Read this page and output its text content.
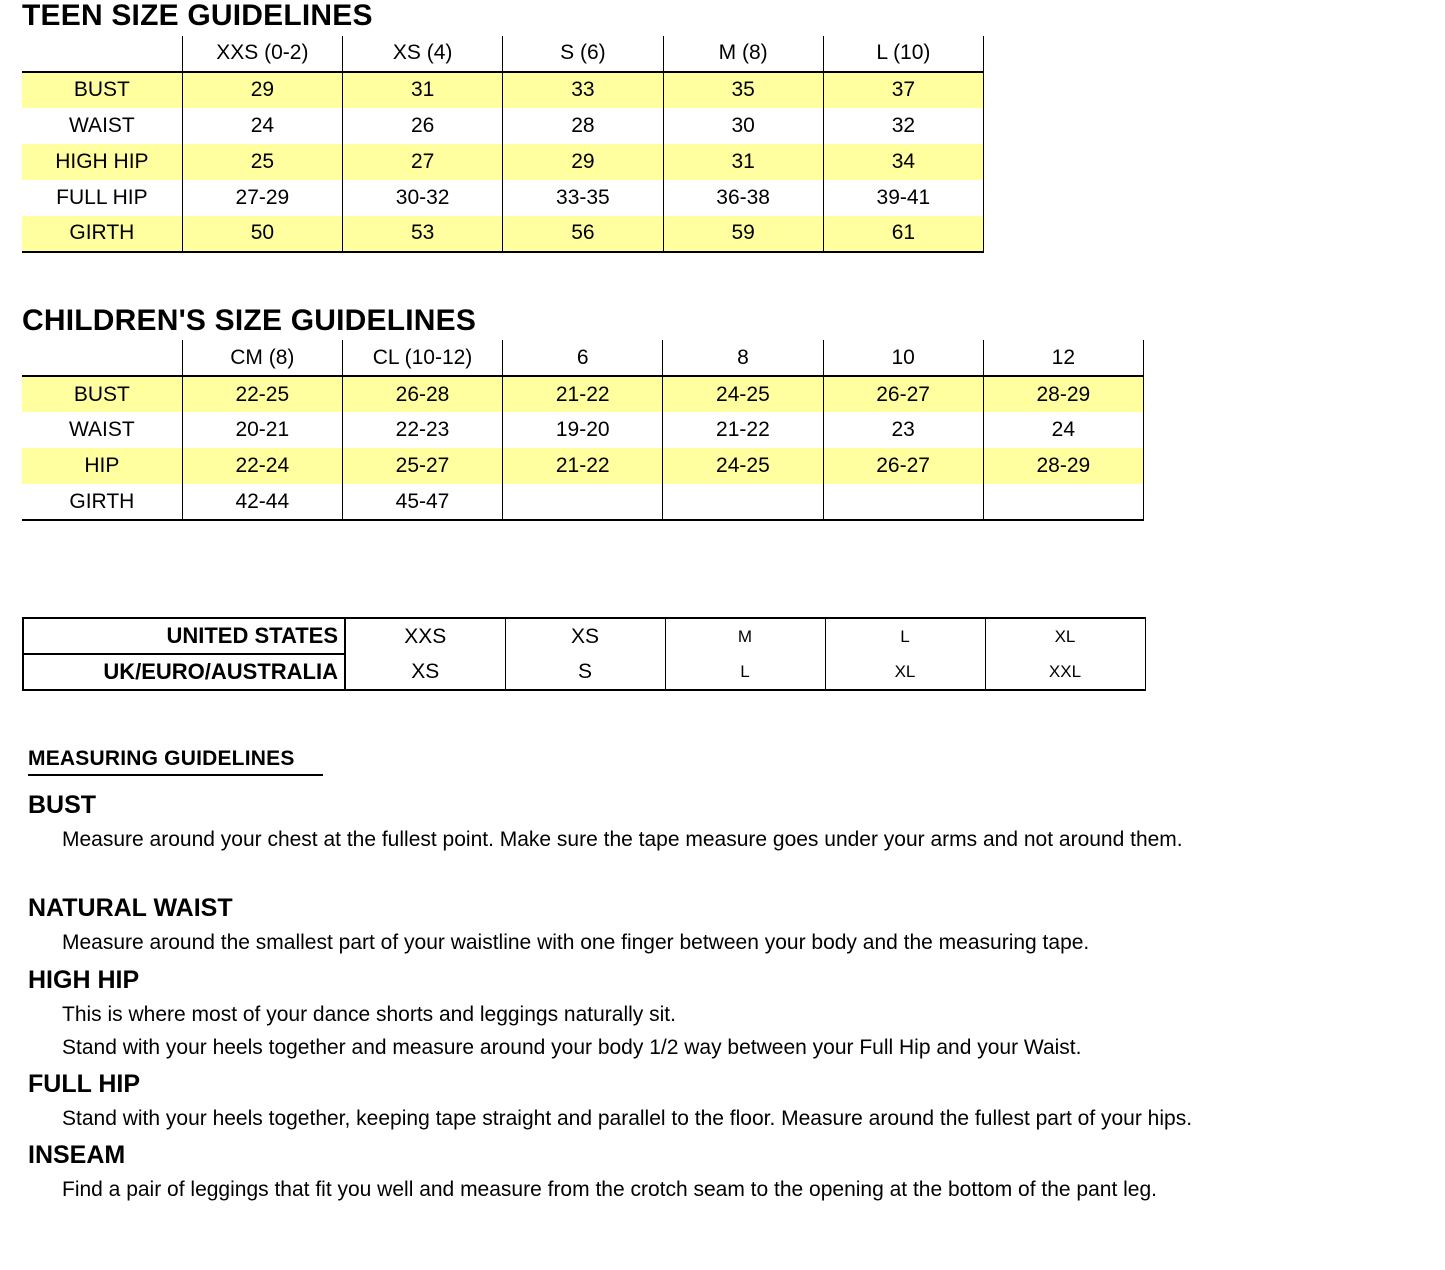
TEEN SIZE GUIDELINES
	XXS (0-2)	XS (4)	S (6)	M (8)	L (10)
BUST	29	31	33	35	37
WAIST	24	26	28	30	32
HIGH HIP	25	27	29	31	34
FULL HIP	27-29	30-32	33-35	36-38	39-41
GIRTH	50	53	56	59	61
CHILDREN'S SIZE GUIDELINES
	CM (8)	CL (10-12)	6	8	10	12
BUST	22-25	26-28	21-22	24-25	26-27	28-29
WAIST	20-21	22-23	19-20	21-22	23	24
HIP	22-24	25-27	21-22	24-25	26-27	28-29
GIRTH	42-44	45-47				
UNITED STATES	XXS	XS	M	L	XL
UK/EURO/AUSTRALIA	XS	S	L	XL	XXL
MEASURING GUIDELINES
BUST
Measure around your chest at the fullest point. Make sure the tape measure goes under your arms and not around them.
NATURAL WAIST
Measure around the smallest part of your waistline with one finger between your body and the measuring tape.
HIGH HIP
This is where most of your dance shorts and leggings naturally sit.
Stand with your heels together and measure around your body 1/2 way between your Full Hip and your Waist.
FULL HIP
Stand with your heels together, keeping tape straight and parallel to the floor. Measure around the fullest part of your hips.
INSEAM
Find a pair of leggings that fit you well and measure from the crotch seam to the opening at the bottom of the pant leg.
